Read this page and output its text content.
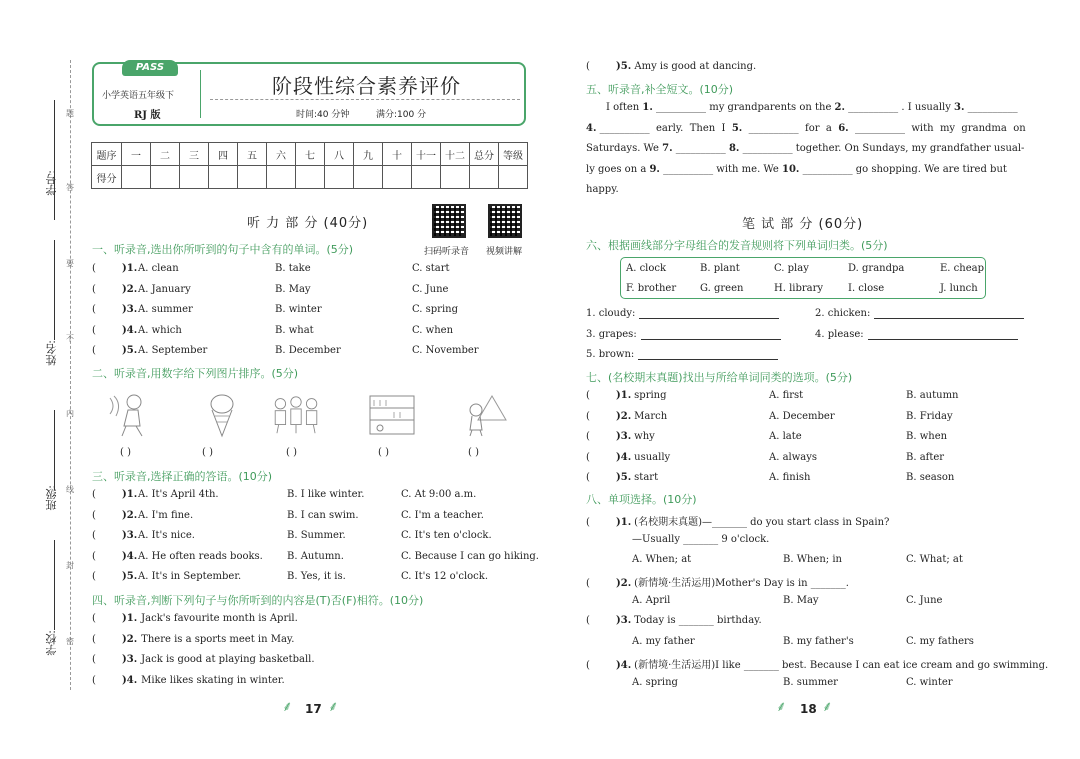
学号:
姓名:
班级:
学校:
题
答
要
不
内
线
封
密
PASS
小学英语五年级下
RJ 版
阶段性综合素养评价
时间:40 分钟	满分:100 分
题序	一	二	三	四	五	六	七	八	九	十	十一	十二	总分	等级
得分														
听 力 部 分 (40分)
扫码听录音 视频讲解
一、听录音,选出你所听到的句子中含有的单词。(5分)
二、听录音,用数字给下列图片排序。(5分)
( )	( )	( )	( )	( )
三、听录音,选择正确的答语。(10分)
四、听录音,判断下列句子与你所听到的内容是(T)否(F)相符。(10分)
⸙ 17 ⸙
(	)5. Amy is good at dancing.
五、听录音,补全短文。(10分)
笔 试 部 分 (60分)
六、根据画线部分字母组合的发音规则将下列单词归类。(5分)
七、(名校期末真题)找出与所给单词同类的选项。(5分)
八、单项选择。(10分)
⸙ 18 ⸙
(	)1. A. clean	B. take	C. start
(	)2. A. January	B. May	C. June
(	)3. A. summer	B. winter	C. spring
(	)4. A. which	B. what	C. when
(	)5. A. September	B. December	C. November
(	)1. A. It's April 4th.	B. I like winter.	C. At 9:00 a.m.
(	)2. A. I'm fine.	B. I can swim.	C. I'm a teacher.
(	)3. A. It's nice.	B. Summer.	C. It's ten o'clock.
(	)4. A. He often reads books. B. Autumn.	C. Because I can go hiking.
(	)5. A. It's in September.	B. Yes, it is.	C. It's 12 o'clock.
(	)1. Jack's favourite month is April.
(	)2. There is a sports meet in May.
(	)3. Jack is good at playing basketball.
(	)4. Mike likes skating in winter.
I often 1. __________ my grandparents on the 2. __________ . I usually 3. __________
4. __________  early.  Then  I  5.  __________  for  a  6.  __________  with  my  grandma  on
Saturdays. We 7. __________ 8. __________ together. On Sundays, my grandfather usual-
ly goes on a 9. __________ with me. We 10. __________ go shopping. We are tired but
happy.
A. clock	B. plant	C. play	D. grandpa	E. cheap
F. brother G. green	H. library I. close	J. lunch
1. cloudy:	2. chicken:
3. grapes:	4. please:
5. brown:
(	)1. spring	A. first	B. autumn
(	)2. March	A. December	B. Friday
(	)3. why	A. late	B. when
(	)4. usually	A. always	B. after
(	)5. start	A. finish	B. season
(	)1. (名校期末真题)—_______ do you start class in Spain?
—Usually _______ 9 o'clock.
A. When; at	B. When; in	C. What; at
(	)2. (新情境·生活运用)Mother's Day is in _______.
A. April	B. May	C. June
(	)3. Today is _______ birthday.
A. my father	B. my father's	C. my fathers
(	)4. (新情境·生活运用)I like _______ best. Because I can eat ice cream and go swimming.
A. spring	B. summer	C. winter
